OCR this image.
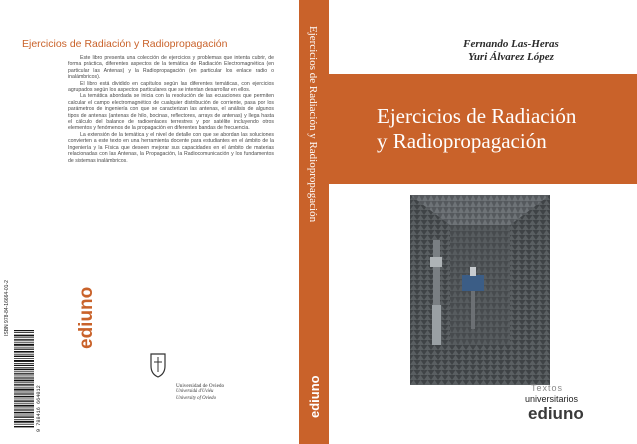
Ejercicios de Radiación y Radiopropagación

Este libro presenta una colección de ejercicios y problemas que intenta cubrir, de forma práctica, diferentes aspectos de la temática de Radiación Electromagnética (en particular las Antenas) y la Radiopropagación (en particular los enlace radio o inalámbricos).

El libro está dividido en capítulos según las diferentes temáticas, con ejercicios agrupados según los aspectos particulares que se intentan desarrollar en ellos.

La temática abordada se inicia con la resolución de las ecuaciones que permiten calcular el campo electromagnético de cualquier distribución de corriente, pasa por los parámetros de ingeniería con que se caracterizan las antenas, el análisis de algunos tipos de antenas (antenas de hilo, bocinas, reflectores, arrays de antenas) y llega hasta el cálculo del balance de radioenlaces terrestres y por satélite incluyendo otros elementos y fenómenos de la propagación en diferentes bandas de frecuencia.

La extensión de la temática y el nivel de detalle con que se abordan las soluciones convierten a este texto en una herramienta docente para estudiantes en el ámbito de la Ingeniería y la Física que deseen mejorar sus capacidades en el ámbito de materias relacionadas con las Antenas, la Propagación, la Radiocomunicación y los fundamentos de sistemas inalámbricos.

ISBN 978-84-16664-01-2
9 788416 664012
ediuno
Universidad de Oviedo
Universidá d'Uviéu
University of Oviedo
Ejercicios de Radiación y Radiopropagación
ediuno
Fernando Las-Heras
Yuri Álvarez López
Ejercicios de Radiación
y Radiopropagación
Textos
universitarios
ediuno
